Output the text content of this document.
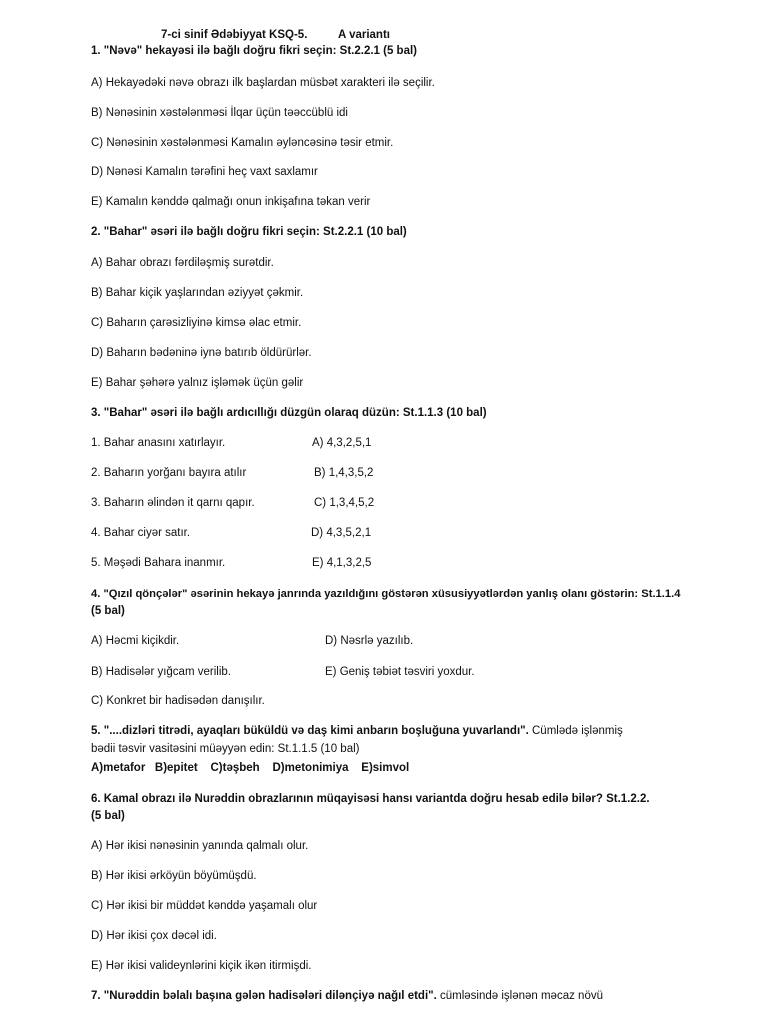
7-ci sinif Ədəbiyyat KSQ-5.	A variantı
1. "Nəvə" hekayəsi ilə bağlı doğru fikri seçin: St.2.2.1 (5 bal)
A) Hekayədəki nəvə obrazı ilk başlardan müsbət xarakteri ilə seçilir.
B) Nənəsinin xəstələnməsi İlqar üçün təəccüblü idi
C) Nənəsinin xəstələnməsi Kamalın əyləncəsinə təsir etmir.
D) Nənəsi Kamalın tərəfini heç vaxt saxlamır
E) Kamalın kənddə qalmağı onun inkişafına təkan verir
2. "Bahar" əsəri ilə bağlı doğru fikri seçin: St.2.2.1 (10 bal)
A) Bahar obrazı fərdiləşmiş surətdir.
B) Bahar kiçik yaşlarından əziyyət çəkmir.
C) Baharın çarəsizliyinə kimsə əlac etmir.
D) Baharın bədəninə iynə batırıb öldürürlər.
E) Bahar şəhərə yalnız işləmək üçün gəlir
3. "Bahar" əsəri ilə bağlı ardıcıllığı düzgün olaraq düzün: St.1.1.3 (10 bal)
1. Bahar anasını xatırlayır.	A) 4,3,2,5,1
2. Baharın yorğanı bayıra atılır	B) 1,4,3,5,2
3. Baharın əlindən it qarnı qapır.	C) 1,3,4,5,2
4. Bahar ciyər satır.	D) 4,3,5,2,1
5. Məşədi Bahara inanmır.	E) 4,1,3,2,5
4. "Qızıl qönçələr" əsərinin hekayə janrında yazıldığını göstərən xüsusiyyətlərdən yanlış olanı göstərin: St.1.1.4
(5 bal)
A) Həcmi kiçikdir.	D) Nəsrlə yazılıb.
B) Hadisələr yığcam verilib.	E) Geniş təbiət təsviri yoxdur.
C) Konkret bir hadisədən danışılır.
5. "....dizləri titrədi, ayaqları büküldü və daş kimi anbarın boşluğuna yuvarlandı". Cümlədə işlənmiş
bədii təsvir vasitəsini müəyyən edin: St.1.1.5 (10 bal)
A)metafor   B)epitet    C)təşbeh    D)metonimiya    E)simvol
6. Kamal obrazı ilə Nurəddin obrazlarının müqayisəsi hansı variantda doğru hesab edilə bilər? St.1.2.2.
(5 bal)
A) Hər ikisi nənəsinin yanında qalmalı olur.
B) Hər ikisi ərköyün böyümüşdü.
C) Hər ikisi bir müddət kənddə yaşamalı olur
D) Hər ikisi çox dəcəl idi.
E) Hər ikisi valideynlərini kiçik ikən itirmişdi.
7. "Nurəddin bəlalı başına gələn hadisələri dilənçiyə nağıl etdi". cümləsində işlənən məcaz növü
